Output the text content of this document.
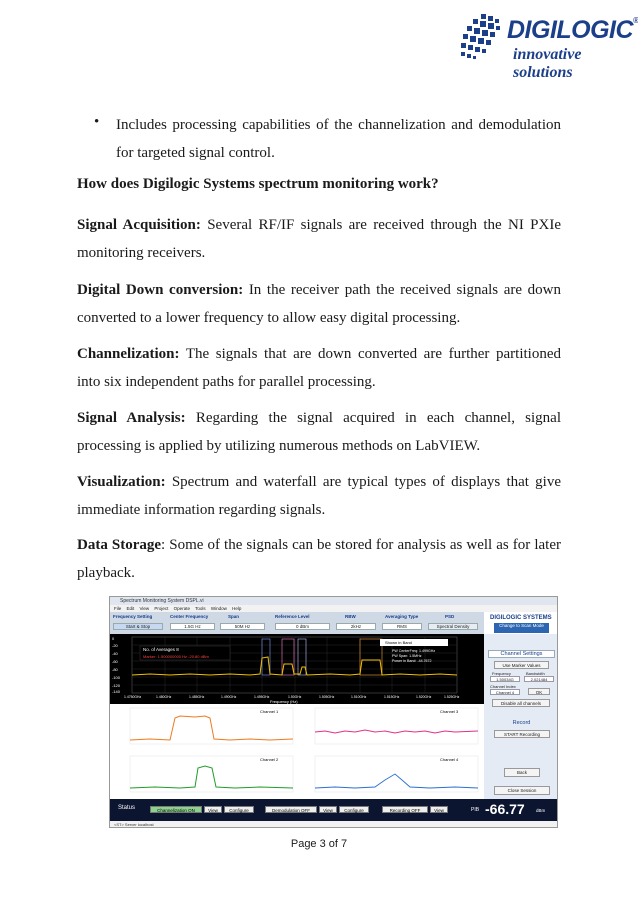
DIGILOGIC®
innovative solutions
• Includes processing capabilities of the channelization and demodulation for targeted signal control.
How does Digilogic Systems spectrum monitoring work?
Signal Acquisition: Several RF/IF signals are received through the NI PXIe monitoring receivers.
Digital Down conversion: In the receiver path the received signals are down converted to a lower frequency to allow easy digital processing.
Channelization: The signals that are down converted are further partitioned into six independent paths for parallel processing.
Signal Analysis: Regarding the signal acquired in each channel, signal processing is applied by utilizing numerous methods on LabVIEW.
Visualization: Spectrum and waterfall are typical types of displays that give immediate information regarding signals.
Data Storage: Some of the signals can be stored for analysis as well as for later playback.
Spectrum Monitoring System DSPL.vi
File Edit View Project Operate Tools Window Help
Frequency Setting
Start & Stop
Center Frequency
1.5G Hz
Span
50M Hz
Reference Level
0 dBm
RBW
2kHz
Averaging Type
RMS
PSD
Spectral Density
DIGILOGIC SYSTEMS
Change to Scan Mode
0
-20
-40
-60
-80
-100
-120
-140
1.4750GHz	1.480GHz	1.485GHz	1.490GHz	1.495GHz	1.50GHz	1.505GHz	1.510GHz	1.515GHz	1.520GHz	1.525GHz
Frequency (Hz)
No. of Averages 8
Marker: 1.500000000 Hz -20.80 dBm
Shown in Band
PW CenterFreq: 1.499GHz
PW Span: 1.5MHz
Power in Band: -44.7672
Channel 1	Channel 3
Channel 2	Channel 4
Channel Settings
Use Marker Values
Frequency	Bandwidth
1.50034G	2.021484
Channel Index
Channel 4	OK
Disable all channels
Record
START Recording
Back
Close Session
Status	Channelization ON	View	Configure	Demodulation OFF	View	Configure	Recording OFF	View	PIB -66.77	dBm
<ST> Server localhost
Page 3 of 7
